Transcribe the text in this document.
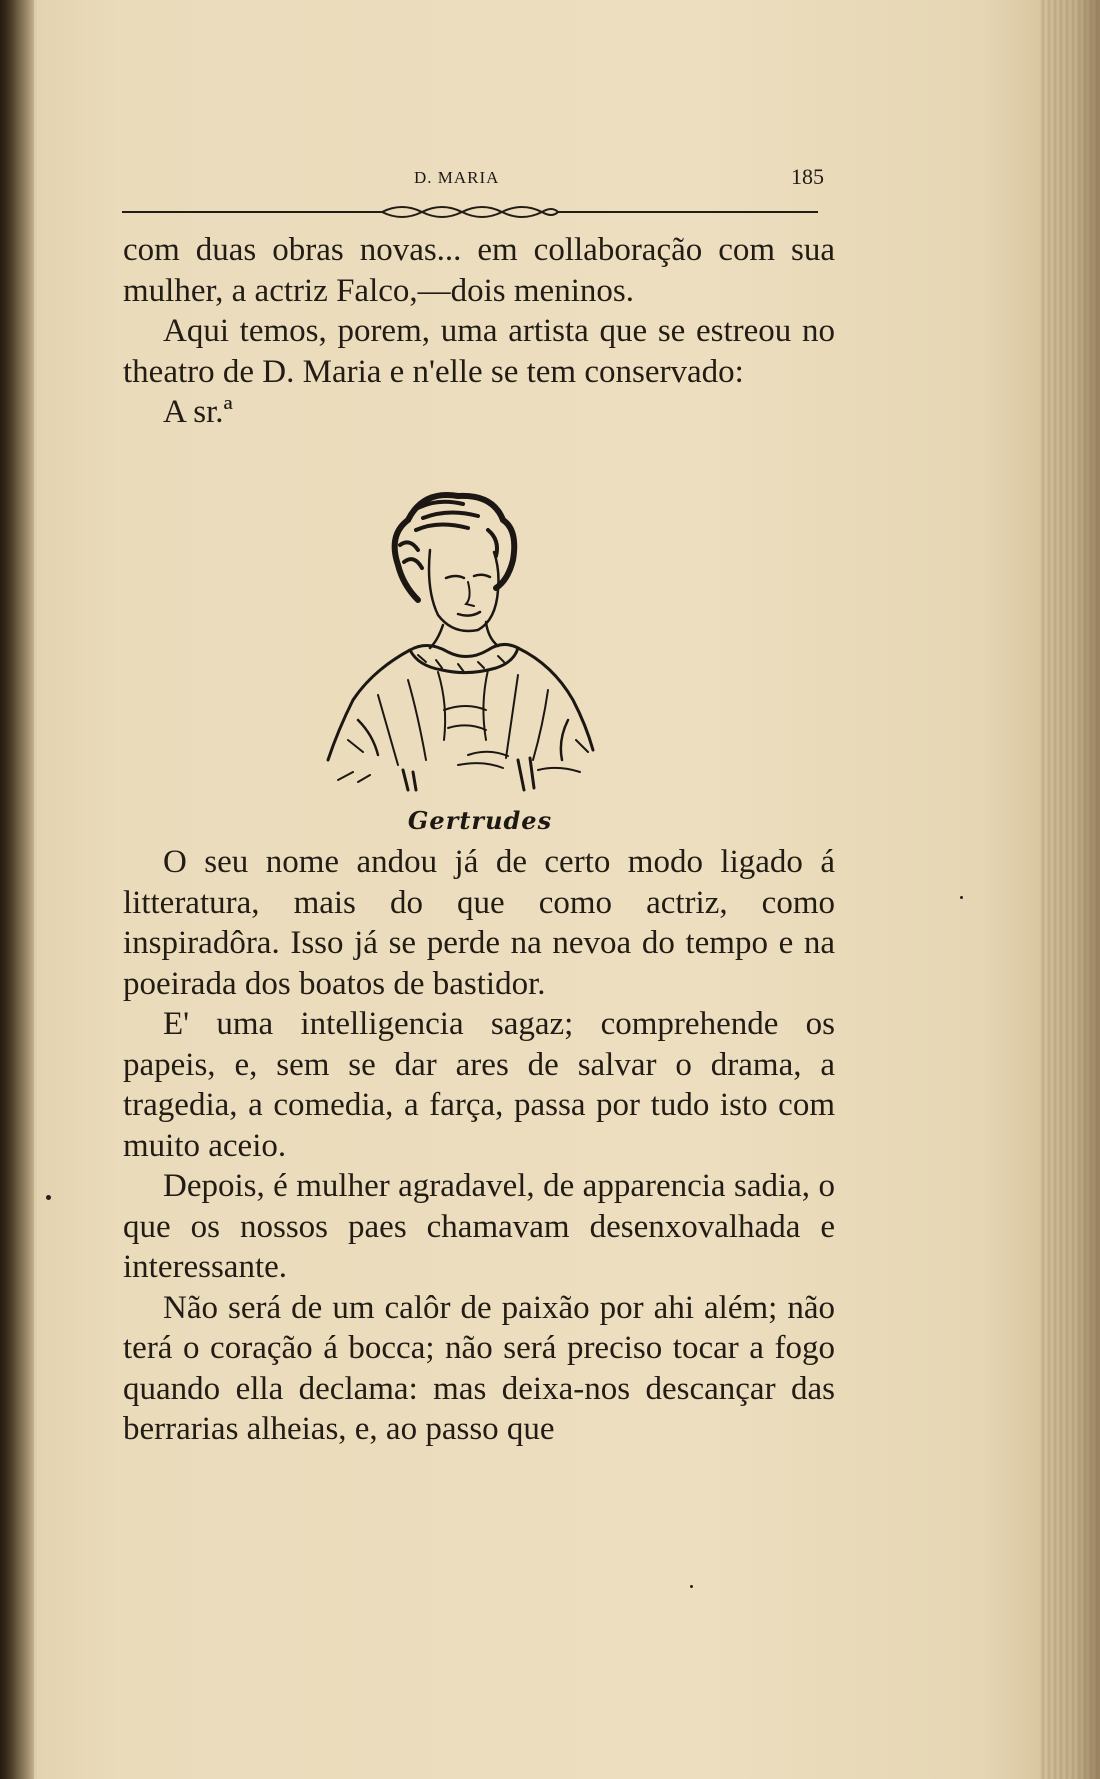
D. MARIA	185

com duas obras novas... em collaboração com sua mulher, a actriz Falco,—dois meninos.

Aqui temos, porem, uma artista que se estreou no theatro de D. Maria e n'elle se tem conservado:

A sr.ª

Gertrudes

O seu nome andou já de certo modo ligado á litteratura, mais do que como actriz, como inspiradôra. Isso já se perde na nevoa do tempo e na poeirada dos boatos de bastidor.

E' uma intelligencia sagaz; comprehende os papeis, e, sem se dar ares de salvar o drama, a tragedia, a comedia, a farça, passa por tudo isto com muito aceio.

Depois, é mulher agradavel, de apparencia sadia, o que os nossos paes chamavam desenxovalhada e interessante.

Não será de um calôr de paixão por ahi além; não terá o coração á bocca; não será preciso tocar a fogo quando ella declama: mas deixa-nos descançar das berrarias alheias, e, ao passo que
